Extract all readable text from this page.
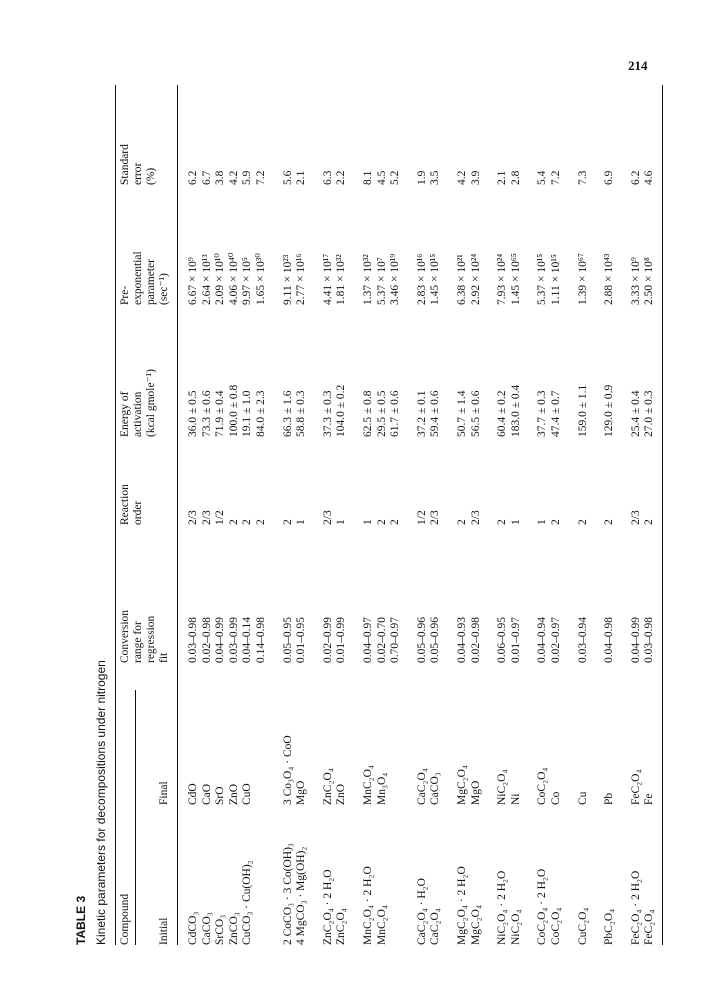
214
TABLE 3 Kinetic parameters for decompositions under nitrogen Compound Initial
Final
Conversion range for regression fit
Reaction order
Energy of activation (kcal gmole⁻¹)
Pre- exponential parameter (sec⁻¹)
Standard error (%)
CdCO₃
CdO
0.03–0.98
2/3
36.0 ± 0.5
6.67 × 10⁹
6.2
CaCO₃
CaO
0.02–0.98
2/3
73.3 ± 0.6
2.64 × 10¹³
6.7
SrCO₃
SrO
0.04–0.99
1/2
71.9 ± 0.4
2.09 × 10¹⁰
3.8
ZnCO₃
ZnO
0.03–0.99
2
100.0 ± 0.8
4.06 × 10⁴⁰
4.2
CuCO₃ · Cu(OH)₂
CuO
0.04–0.14
2
19.1 ± 1.0
9.97 × 10⁵
5.9
0.14–0.98
2
84.0 ± 2.3
1.65 × 10³⁰
7.2
2 CoCO₃ · 3 Co(OH)₃
3 Co₃O₄ · CoO
0.05–0.95
2
66.3 ± 1.6
9.11 × 10²³
5.6
4 MgCO₃ · Mg(OH)₂
MgO
0.01–0.95
1
58.8 ± 0.3
2.77 × 10¹⁶
2.1
ZnC₂O₄ · 2 H₂O
ZnC₂O₄
0.02–0.99
2/3
37.3 ± 0.3
4.41 × 10¹⁷
6.3
ZnC₂O₄
ZnO
0.01–0.99
1
104.0 ± 0.2
1.81 × 10³²
2.2
MnC₂O₄ · 2 H₂O
MnC₂O₄
0.04–0.97
1
62.5 ± 0.8
1.37 × 10³²
8.1
MnC₂O₄
Mn₃O₄
0.02–0.70
2
29.5 ± 0.5
5.37 × 10⁷
4.5
0.70–0.97
2
61.7 ± 0.6
3.46 × 10¹⁹
5.2
CaC₂O₄ · H₂O
CaC₂O₄
0.05–0.96
1/2
37.2 ± 0.1
2.83 × 10¹⁶
1.9
CaC₂O₄
CaCO₃
0.05–0.96
2/3
59.4 ± 0.6
1.45 × 10¹⁵
3.5
MgC₂O₄ · 2 H₂O
MgC₂O₄
0.04–0.93
2
50.7 ± 1.4
6.38 × 10²¹
4.2
MgC₂O₄
MgO
0.02–0.98
2/3
56.5 ± 0.6
2.92 × 10²⁴
3.9
NiC₂O₄ · 2 H₂O
NiC₂O₄
0.06–0.95
2
60.4 ± 0.2
7.93 × 10²⁴
2.1
NiC₂O₄
Ni
0.01–0.97
1
183.0 ± 0.4
1.45 × 10⁶⁵
2.8
CoC₂O₄ · 2 H₂O
CoC₂O₄
0.04–0.94
1
37.7 ± 0.3
5.37 × 10¹⁵
5.4
CoC₂O₄
Co
0.02–0.97
2
47.4 ± 0.7
1.11 × 10¹⁵
7.2
CuC₂O₄
Cu
0.03–0.94
2
159.0 ± 1.1
1.39 × 10⁶⁷
7.3
PbC₂O₄
Pb
0.04–0.98
2
129.0 ± 0.9
2.88 × 10⁴³
6.9
FeC₂O₄ · 2 H₂O
FeC₂O₄
0.04–0.99
2/3
25.4 ± 0.4
3.33 × 10⁹
6.2
FeC₂O₄
Fe
0.03–0.98
2
27.0 ± 0.3
2.50 × 10⁸
4.6
